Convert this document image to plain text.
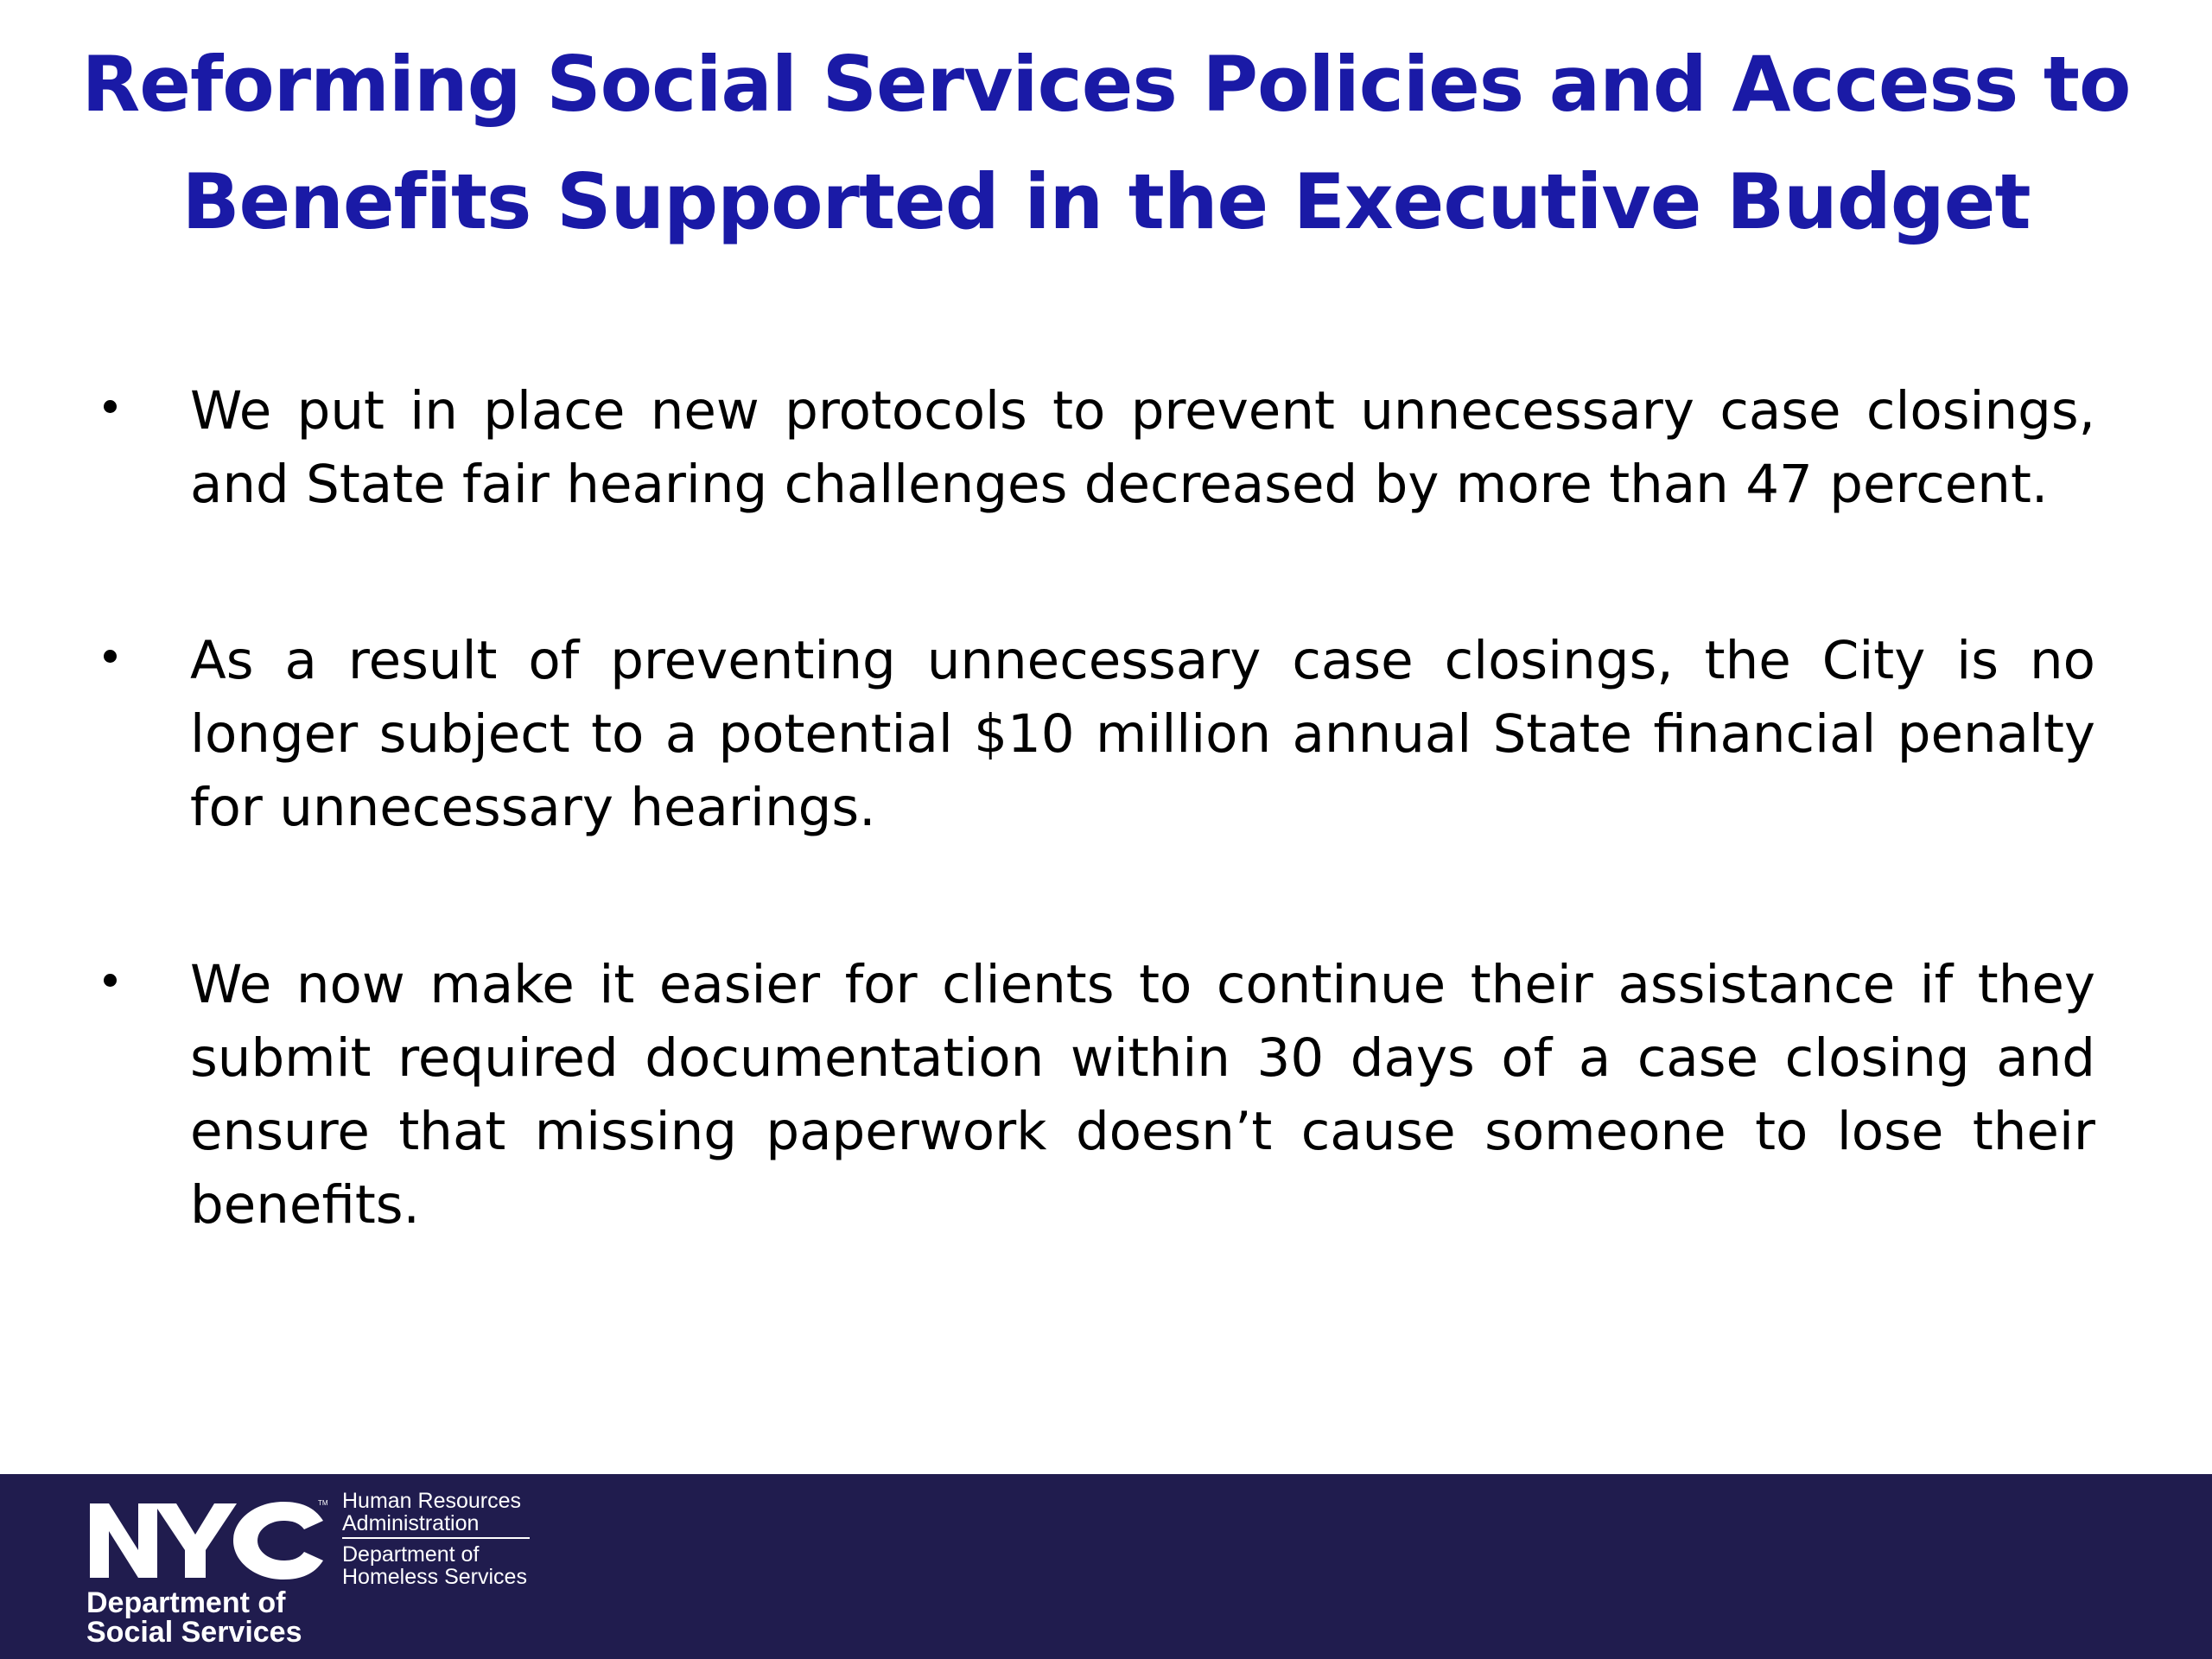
Reforming Social Services Policies and Access to Benefits Supported in the Executive Budget
We put in place new protocols to prevent unnecessary case closings, and State fair hearing challenges decreased by more than 47 percent.
As a result of preventing unnecessary case closings, the City is no longer subject to a potential $10 million annual State financial penalty for unnecessary hearings.
We now make it easier for clients to continue their assistance if they submit required documentation within 30 days of a case closing and ensure that missing paperwork doesn’t cause someone to lose their benefits.
TM
Department of Social Services
Human Resources Administration
Department of Homeless Services
